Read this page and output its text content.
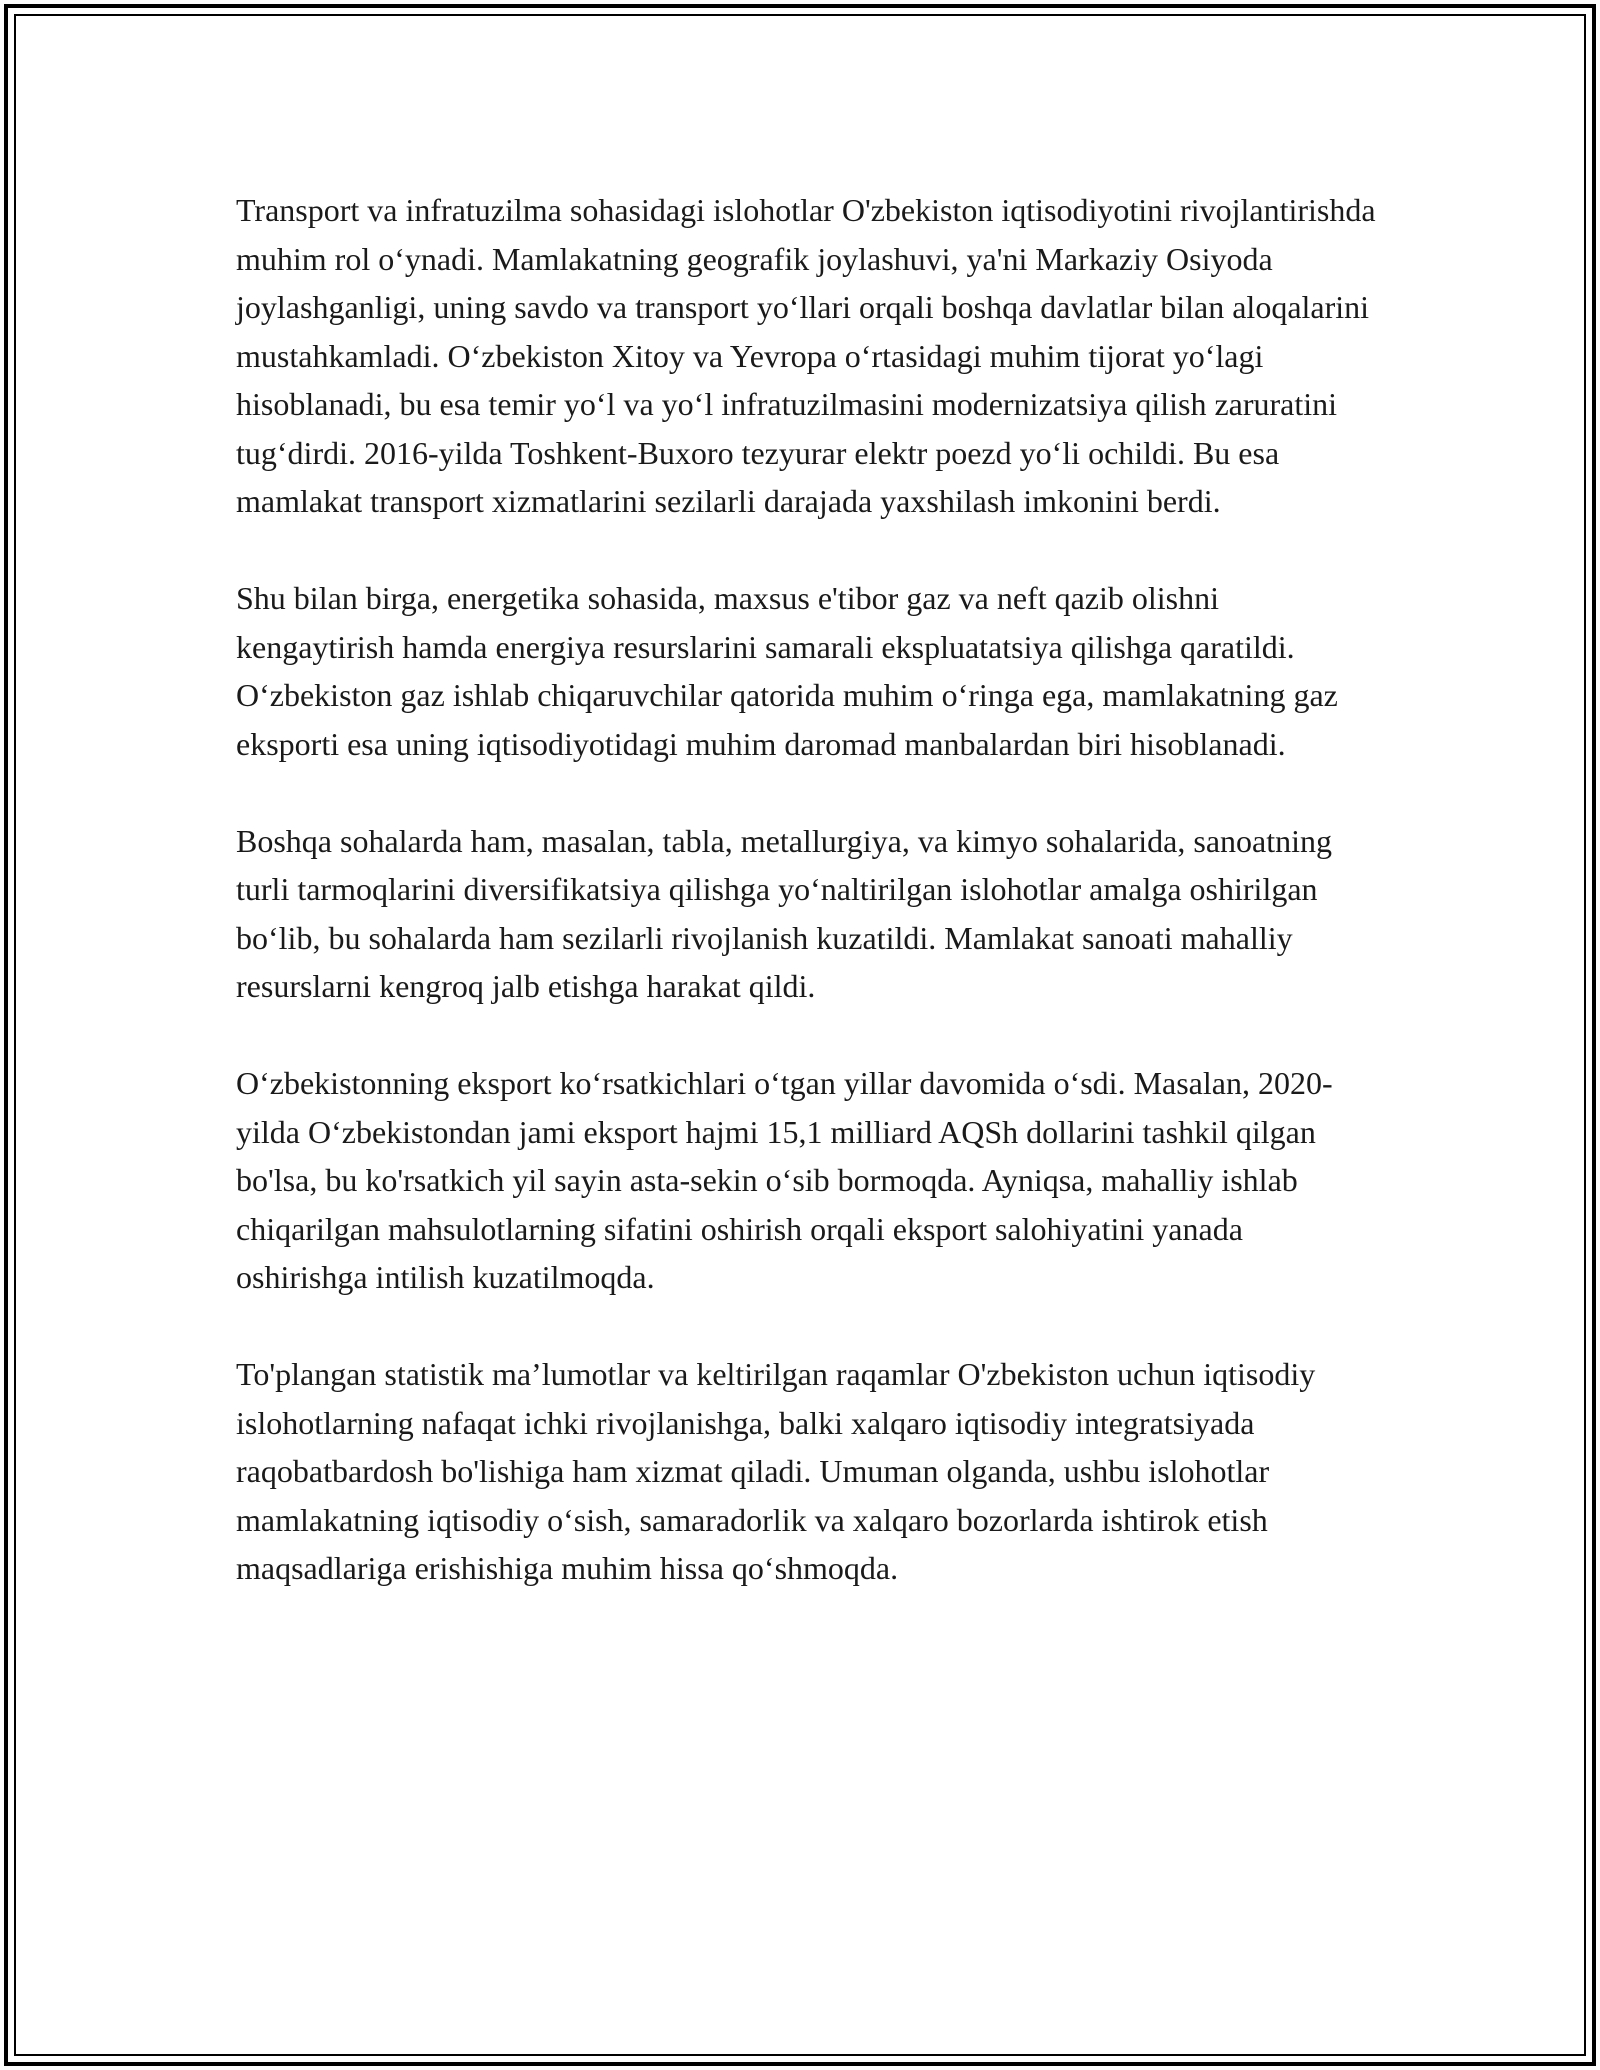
Transport va infratuzilma sohasidagi islohotlar O'zbekiston iqtisodiyotini rivojlantirishda muhim rol o‘ynadi. Mamlakatning geografik joylashuvi, ya'ni Markaziy Osiyoda joylashganligi, uning savdo va transport yo‘llari orqali boshqa davlatlar bilan aloqalarini mustahkamladi. O‘zbekiston Xitoy va Yevropa o‘rtasidagi muhim tijorat yo‘lagi hisoblanadi, bu esa temir yo‘l va yo‘l infratuzilmasini modernizatsiya qilish zaruratini tug‘dirdi. 2016-yilda Toshkent-Buxoro tezyurar elektr poezd yo‘li ochildi. Bu esa mamlakat transport xizmatlarini sezilarli darajada yaxshilash imkonini berdi.

Shu bilan birga, energetika sohasida, maxsus e'tibor gaz va neft qazib olishni kengaytirish hamda energiya resurslarini samarali ekspluatatsiya qilishga qaratildi. O‘zbekiston gaz ishlab chiqaruvchilar qatorida muhim o‘ringa ega, mamlakatning gaz eksporti esa uning iqtisodiyotidagi muhim daromad manbalardan biri hisoblanadi.

Boshqa sohalarda ham, masalan, tabla, metallurgiya, va kimyo sohalarida, sanoatning turli tarmoqlarini diversifikatsiya qilishga yo‘naltirilgan islohotlar amalga oshirilgan bo‘lib, bu sohalarda ham sezilarli rivojlanish kuzatildi. Mamlakat sanoati mahalliy resurslarni kengroq jalb etishga harakat qildi.

O‘zbekistonning eksport ko‘rsatkichlari o‘tgan yillar davomida o‘sdi. Masalan, 2020-yilda O‘zbekistondan jami eksport hajmi 15,1 milliard AQSh dollarini tashkil qilgan bo'lsa, bu ko'rsatkich yil sayin asta-sekin o‘sib bormoqda. Ayniqsa, mahalliy ishlab chiqarilgan mahsulotlarning sifatini oshirish orqali eksport salohiyatini yanada oshirishga intilish kuzatilmoqda.

To'plangan statistik ma’lumotlar va keltirilgan raqamlar O'zbekiston uchun iqtisodiy islohotlarning nafaqat ichki rivojlanishga, balki xalqaro iqtisodiy integratsiyada raqobatbardosh bo'lishiga ham xizmat qiladi. Umuman olganda, ushbu islohotlar mamlakatning iqtisodiy o‘sish, samaradorlik va xalqaro bozorlarda ishtirok etish maqsadlariga erishishiga muhim hissa qo‘shmoqda.
